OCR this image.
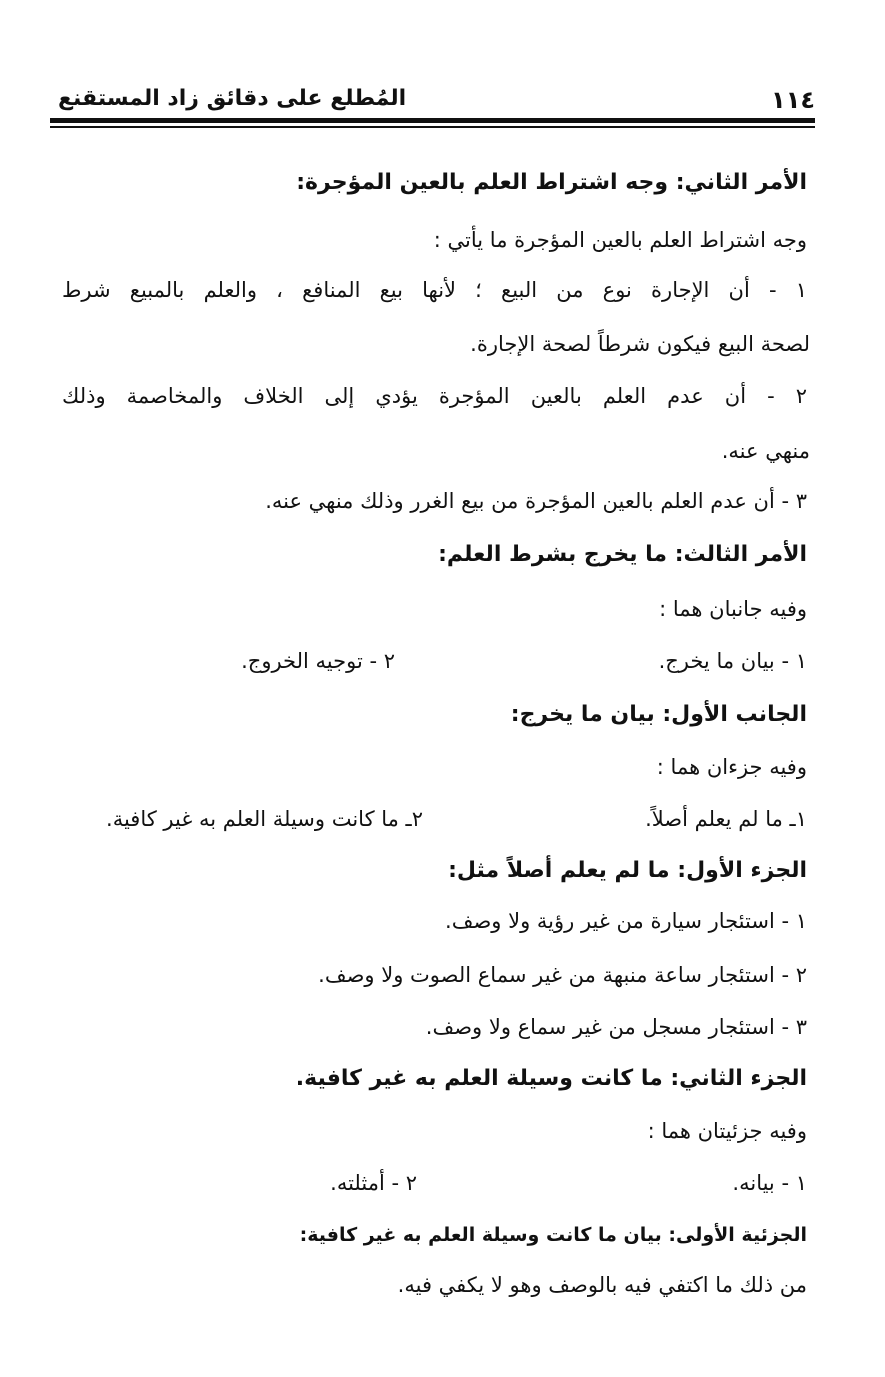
١١٤
المُطلع على دقائق زاد المستقنع
الأمر الثاني: وجه اشتراط العلم بالعين المؤجرة:
وجه اشتراط العلم بالعين المؤجرة ما يأتي :
١ - أن الإجارة نوع من البيع ؛ لأنها بيع المنافع ، والعلم بالمبيع شرط
لصحة البيع فيكون شرطاً لصحة الإجارة.
٢ - أن عدم العلم بالعين المؤجرة يؤدي إلى الخلاف والمخاصمة وذلك
منهي عنه.
٣ - أن عدم العلم بالعين المؤجرة من بيع الغرر وذلك منهي عنه.
الأمر الثالث: ما يخرج بشرط العلم:
وفيه جانبان هما :
١ - بيان ما يخرج.
٢ - توجيه الخروج.
الجانب الأول: بيان ما يخرج:
وفيه جزءان هما :
١ـ ما لم يعلم أصلاً.
٢ـ ما كانت وسيلة العلم به غير كافية.
الجزء الأول: ما لم يعلم أصلاً مثل:
١ - استئجار سيارة من غير رؤية ولا وصف.
٢ - استئجار ساعة منبهة من غير سماع الصوت ولا وصف.
٣ - استئجار مسجل من غير سماع ولا وصف.
الجزء الثاني: ما كانت وسيلة العلم به غير كافية.
وفيه جزئيتان هما :
١ - بيانه.
٢ - أمثلته.
الجزئية الأولى: بيان ما كانت وسيلة العلم به غير كافية:
من ذلك ما اكتفي فيه بالوصف وهو لا يكفي فيه.
